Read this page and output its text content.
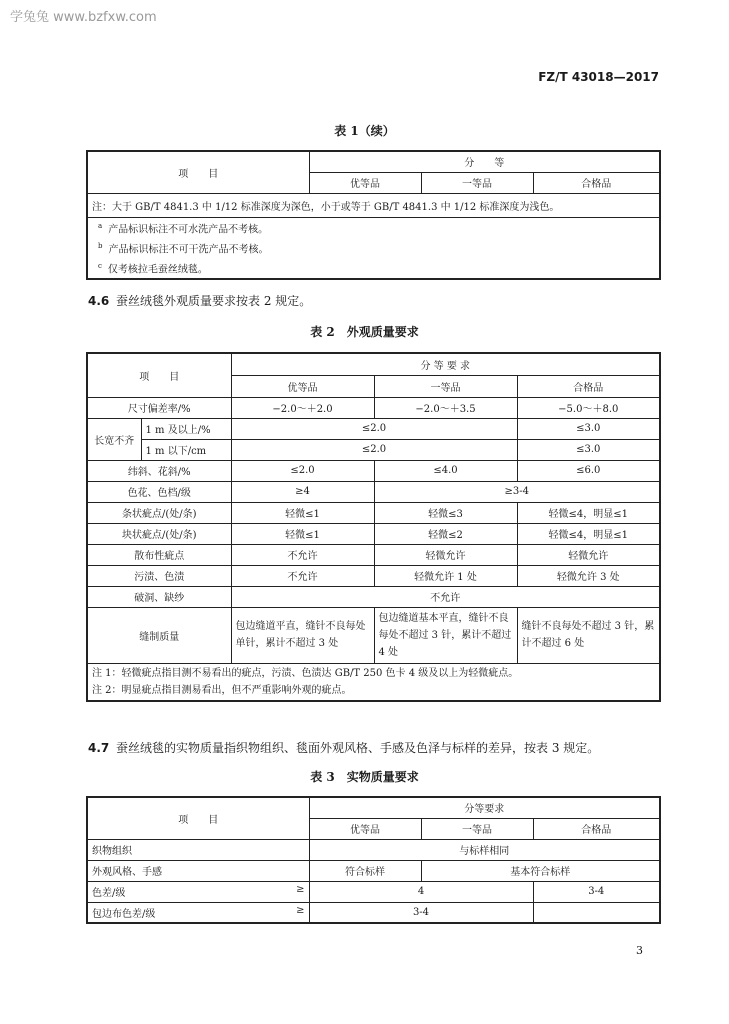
学兔兔 www.bzfxw.com
FZ/T 43018—2017
表 1（续）
项　　目	分　　等		
	优等品	一等品	合格品
注：大于 GB/T 4841.3 中 1/12 标准深度为深色，小于或等于 GB/T 4841.3 中 1/12 标准深度为浅色。			

$^a$ 产品标识标注不可水洗产品不考核。
$^b$ 产品标识标注不可干洗产品不考核。
$^c$ 仅考核拉毛蚕丝绒毯。			
4.6 蚕丝绒毯外观质量要求按表 2 规定。
表 2　外观质量要求
项　　目		分 等 要 求		
		优等品	一等品	合格品
尺寸偏差率/%		−2.0～＋2.0	−2.0～＋3.5	−5.0～＋8.0
长宽不齐	1 m 及以上/%	≤2.0		≤3.0
	1 m 以下/cm	≤2.0		≤3.0
纬斜、花斜/%		≤2.0	≤4.0	≤6.0
色花、色档/级		≥4	≥3-4	
条状疵点/(处/条)		轻微≤1	轻微≤3	轻微≤4，明显≤1
块状疵点/(处/条)		轻微≤1	轻微≤2	轻微≤4，明显≤1
散布性疵点		不允许	轻微允许	轻微允许
污渍、色渍		不允许	轻微允许 1 处	轻微允许 3 处
破洞、缺纱		不允许		
缝制质量		包边缝道平直，缝针不良每处单针，累计不超过 3 处	包边缝道基本平直，缝针不良每处不超过 3 针，累计不超过 4 处	缝针不良每处不超过 3 针，累计不超过 6 处

注 1：轻微疵点指目测不易看出的疵点，污渍、色渍达 GB/T 250 色卡 4 级及以上为轻微疵点。
注 2：明显疵点指目测易看出，但不严重影响外观的疵点。				
4.7 蚕丝绒毯的实物质量指织物组织、毯面外观风格、手感及色泽与标样的差异，按表 3 规定。
表 3　实物质量要求
项　　目	分等要求		
	优等品	一等品	合格品
织物组织	与标样相同		
外观风格、手感	符合标样	基本符合标样	
色差/级 ≥	4		3-4
包边布色差/级 ≥	3-4		
3
